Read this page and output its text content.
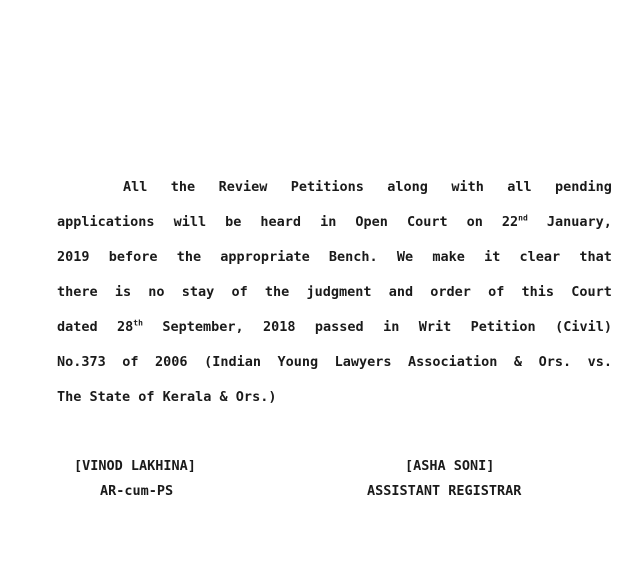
All the Review Petitions along with all pending
applications will be heard in Open Court on 22nd January,
2019 before the appropriate Bench. We make it clear that
there is no stay of the judgment and order of this Court
dated 28th September, 2018 passed in Writ Petition (Civil)
No.373 of 2006 (Indian Young Lawyers Association & Ors. vs.
The State of Kerala & Ors.)
[VINOD LAKHINA]
AR-cum-PS
[ASHA SONI]
ASSISTANT REGISTRAR
